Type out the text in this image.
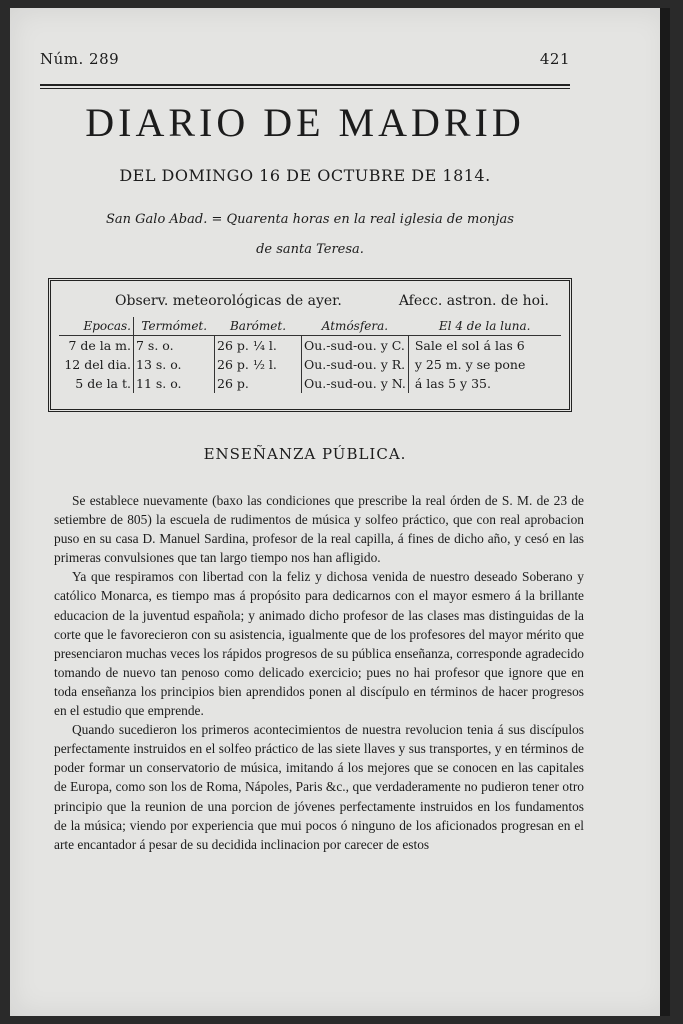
Núm. 289	421
DIARIO DE MADRID
DEL DOMINGO 16 DE OCTUBRE DE 1814.
San Galo Abad. = Quarenta horas en la real iglesia de monjas
de santa Teresa.
Observ. meteorológicas de ayer.	Afecc. astron. de hoi.
Epocas.	Termómet.	Barómet.	Atmósfera.	El 4 de la luna.
7 de la m.	7 s. o.	26 p. ¼ l.	Ou.-sud-ou. y C.	Sale el sol á las 6
12 del dia.	13 s. o.	26 p. ½ l.	Ou.-sud-ou. y R.	y 25 m. y se pone
5 de la t.	11 s. o.	26 p.	Ou.-sud-ou. y N.	á las 5 y 35.
ENSEÑANZA PÚBLICA.

Se establece nuevamente (baxo las condiciones que prescribe la real órden de S. M. de 23 de setiembre de 805) la escuela de rudimentos de música y solfeo práctico, que con real aprobacion puso en su casa D. Manuel Sardina, profesor de la real capilla, á fines de dicho año, y cesó en las primeras convulsiones que tan largo tiempo nos han afligido.

Ya que respiramos con libertad con la feliz y dichosa venida de nuestro deseado Soberano y católico Monarca, es tiempo mas á propósito para dedicarnos con el mayor esmero á la brillante educacion de la juventud española; y animado dicho profesor de las clases mas distinguidas de la corte que le favorecieron con su asistencia, igualmente que de los profesores del mayor mérito que presenciaron muchas veces los rápidos progresos de su pública enseñanza, corresponde agradecido tomando de nuevo tan penoso como delicado exercicio; pues no hai profesor que ignore que en toda enseñanza los principios bien aprendidos ponen al discípulo en términos de hacer progresos en el estudio que emprende.

Quando sucedieron los primeros acontecimientos de nuestra revolucion tenia á sus discípulos perfectamente instruidos en el solfeo práctico de las siete llaves y sus transportes, y en términos de poder formar un conservatorio de música, imitando á los mejores que se conocen en las capitales de Europa, como son los de Roma, Nápoles, Paris &c., que verdaderamente no pudieron tener otro principio que la reunion de una porcion de jóvenes perfectamente instruidos en los fundamentos de la música; viendo por experiencia que mui pocos ó ninguno de los aficionados progresan en el arte encantador á pesar de su decidida inclinacion por carecer de estos
